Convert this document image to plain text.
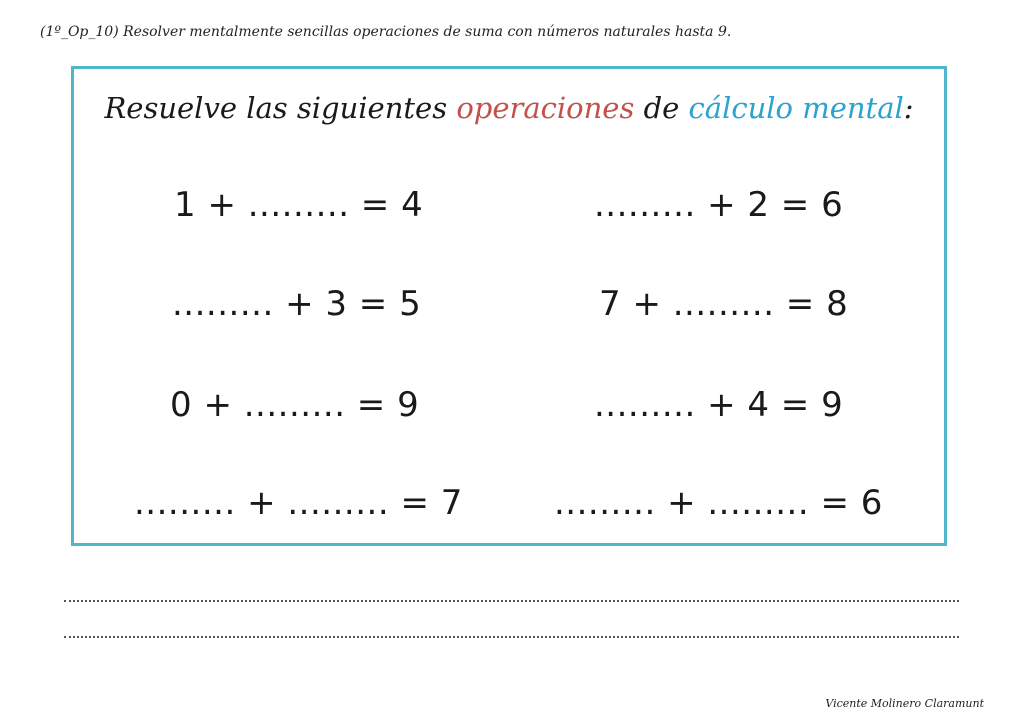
(1º_Op_10) Resolver mentalmente sencillas operaciones de suma con números naturales hasta 9.
Resuelve las siguientes operaciones de cálculo mental:
1 + ......... = 4	......... + 2 = 6
......... + 3 = 5	7 + ......... = 8
0 + ......... = 9	......... + 4 = 9
......... + ......... = 7	......... + ......... = 6
Vicente Molinero Claramunt
